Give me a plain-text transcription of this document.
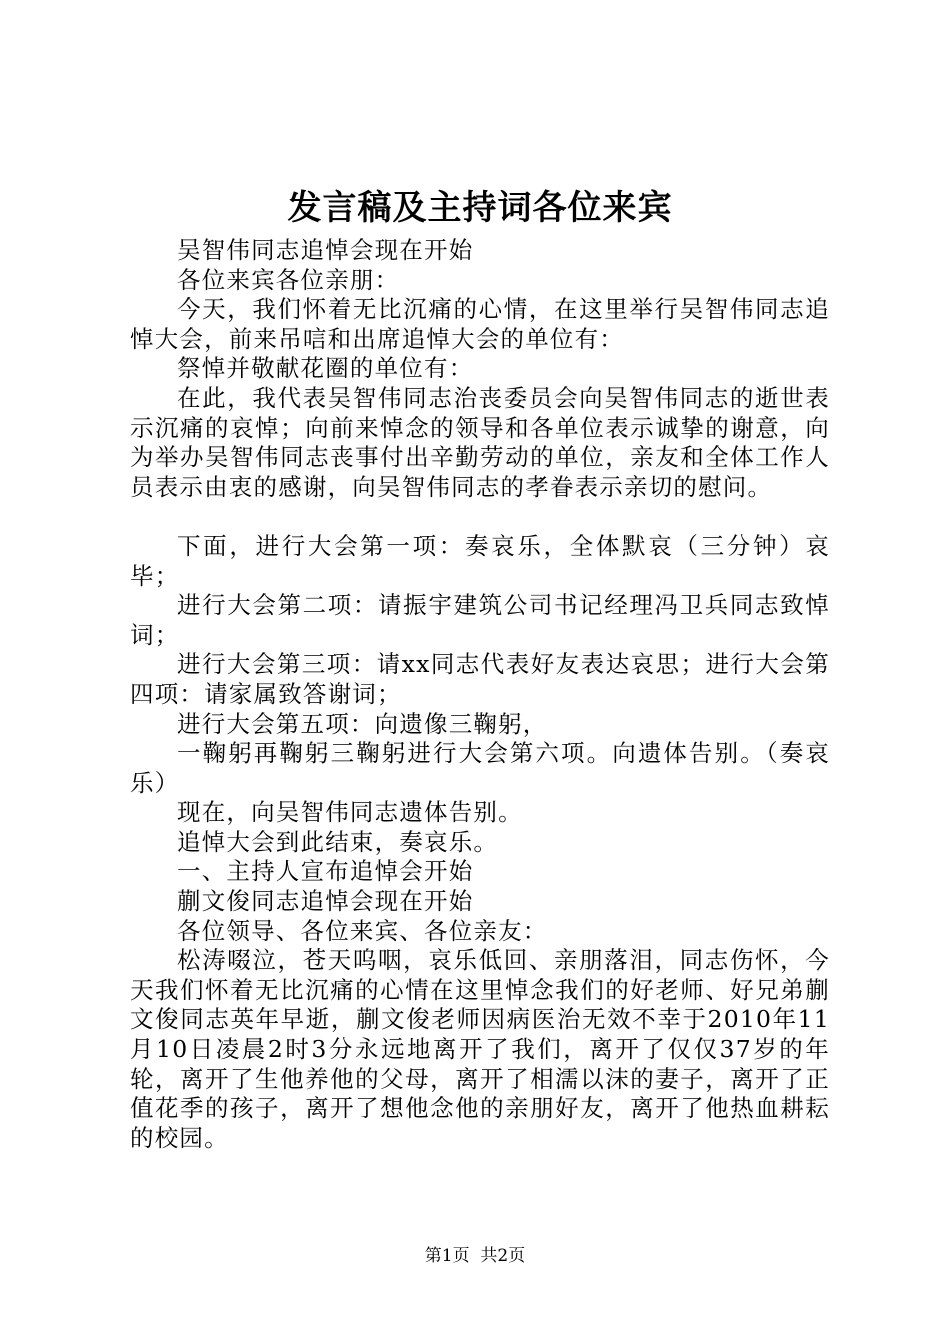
发言稿及主持词各位来宾

吴智伟同志追悼会现在开始

各位来宾各位亲朋：

今天，我们怀着无比沉痛的心情，在这里举行吴智伟同志追悼大会，前来吊唁和出席追悼大会的单位有：

祭悼并敬献花圈的单位有：

在此，我代表吴智伟同志治丧委员会向吴智伟同志的逝世表示沉痛的哀悼；向前来悼念的领导和各单位表示诚挚的谢意，向为举办吴智伟同志丧事付出辛勤劳动的单位，亲友和全体工作人员表示由衷的感谢，向吴智伟同志的孝眷表示亲切的慰问。

下面，进行大会第一项：奏哀乐，全体默哀（三分钟）哀毕；

进行大会第二项：请振宇建筑公司书记经理冯卫兵同志致悼词；

进行大会第三项：请xx同志代表好友表达哀思；进行大会第四项：请家属致答谢词；

进行大会第五项：向遗像三鞠躬，

一鞠躬再鞠躬三鞠躬进行大会第六项。向遗体告别。（奏哀乐）

现在，向吴智伟同志遗体告别。

追悼大会到此结束，奏哀乐。

一、主持人宣布追悼会开始

蒯文俊同志追悼会现在开始

各位领导、各位来宾、各位亲友：

松涛啜泣，苍天呜咽，哀乐低回、亲朋落泪，同志伤怀，今天我们怀着无比沉痛的心情在这里悼念我们的好老师、好兄弟蒯文俊同志英年早逝，蒯文俊老师因病医治无效不幸于2010年11月10日凌晨2时3分永远地离开了我们，离开了仅仅37岁的年轮，离开了生他养他的父母，离开了相濡以沫的妻子，离开了正值花季的孩子，离开了想他念他的亲朋好友，离开了他热血耕耘的校园。

第1页 共2页
